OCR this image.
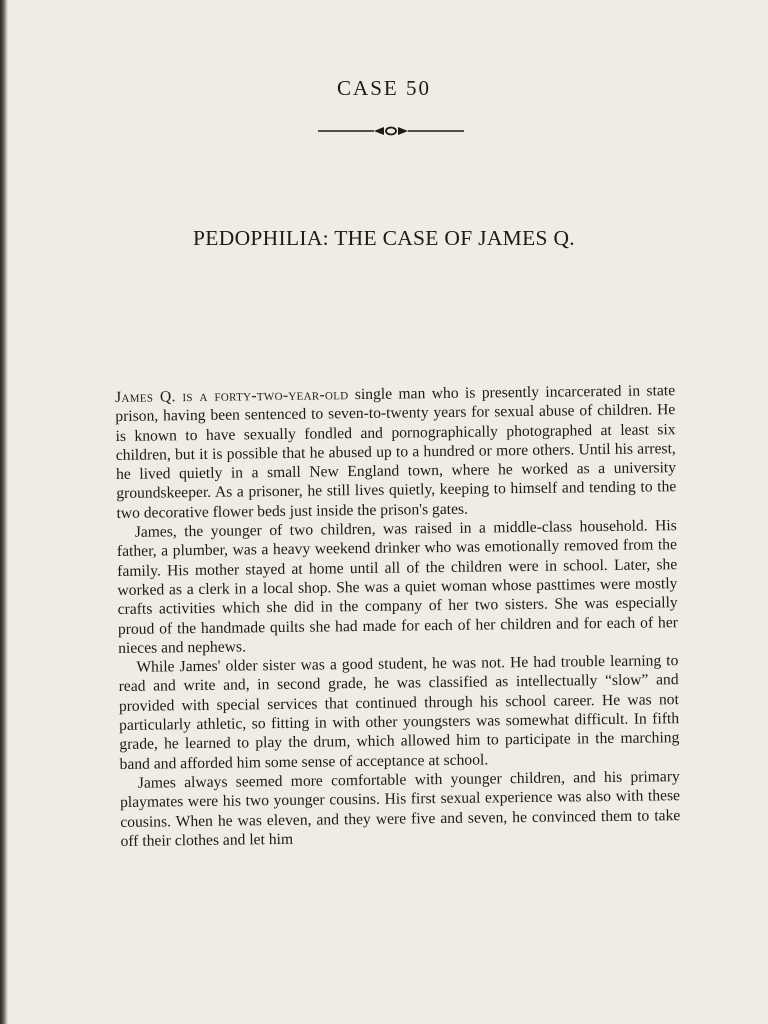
CASE 50
PEDOPHILIA: THE CASE OF JAMES Q.

James Q. is a forty-two-year-old single man who is presently incarcerated in state prison, having been sentenced to seven-to-twenty years for sexual abuse of children. He is known to have sexually fondled and pornographically photographed at least six children, but it is possible that he abused up to a hundred or more others. Until his arrest, he lived quietly in a small New England town, where he worked as a university groundskeeper. As a prisoner, he still lives quietly, keeping to himself and tending to the two decorative flower beds just inside the prison's gates.

James, the younger of two children, was raised in a middle-class household. His father, a plumber, was a heavy weekend drinker who was emotionally removed from the family. His mother stayed at home until all of the children were in school. Later, she worked as a clerk in a local shop. She was a quiet woman whose pasttimes were mostly crafts activities which she did in the company of her two sisters. She was especially proud of the handmade quilts she had made for each of her children and for each of her nieces and nephews.

While James' older sister was a good student, he was not. He had trouble learning to read and write and, in second grade, he was classified as intellectually “slow” and provided with special services that continued through his school career. He was not particularly athletic, so fitting in with other youngsters was somewhat difficult. In fifth grade, he learned to play the drum, which allowed him to participate in the marching band and afforded him some sense of acceptance at school.

James always seemed more comfortable with younger children, and his primary playmates were his two younger cousins. His first sexual experience was also with these cousins. When he was eleven, and they were five and seven, he convinced them to take off their clothes and let him
